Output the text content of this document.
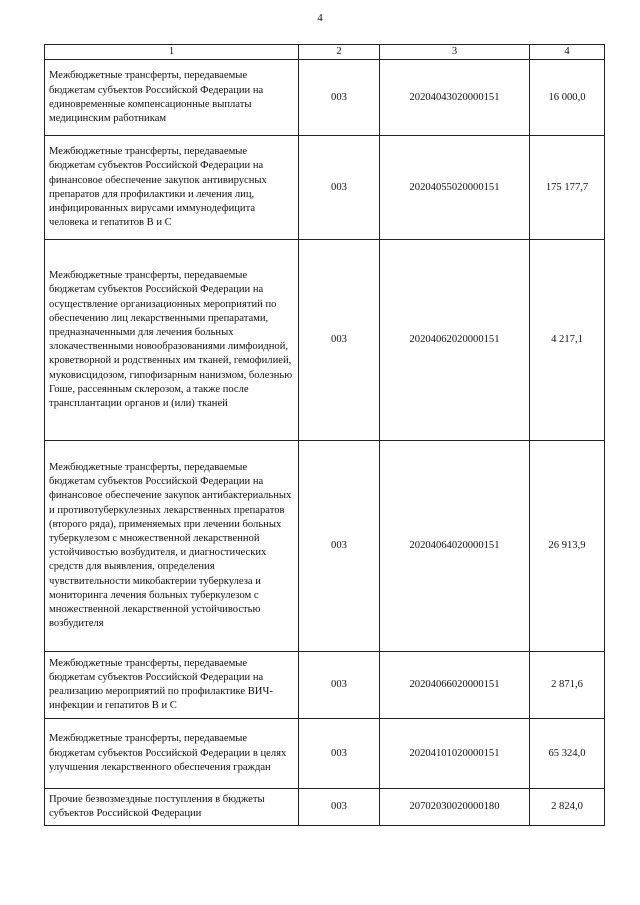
4
1	2	3	4
Межбюджетные трансферты, передаваемые бюджетам субъектов Российской Федерации на единовременные компенсационные выплаты медицинским работникам	003	20204043020000151	16 000,0
Межбюджетные трансферты, передаваемые бюджетам субъектов Российской Федерации на финансовое обеспечение закупок антивирусных препаратов для профилактики и лечения лиц, инфицированных вирусами иммунодефицита человека и гепатитов В и С	003	20204055020000151	175 177,7
Межбюджетные трансферты, передаваемые бюджетам субъектов Российской Федерации на осуществление организационных мероприятий по обеспечению лиц лекарственными препаратами, предназначенными для лечения больных злокачественными новообразованиями лимфоидной, кроветворной и родственных им тканей, гемофилией, муковисцидозом, гипофизарным нанизмом, болезнью Гоше, рассеянным склерозом, а также после трансплантации органов и (или) тканей	003	20204062020000151	4 217,1
Межбюджетные трансферты, передаваемые бюджетам субъектов Российской Федерации на финансовое обеспечение закупок антибактериальных и противотуберкулезных лекарственных препаратов (второго ряда), применяемых при лечении больных туберкулезом с множественной лекарственной устойчивостью возбудителя, и диагностических средств для выявления, определения чувствительности микобактерии туберкулеза и мониторинга лечения больных туберкулезом с множественной лекарственной устойчивостью возбудителя	003	20204064020000151	26 913,9
Межбюджетные трансферты, передаваемые бюджетам субъектов Российской Федерации на реализацию мероприятий по профилактике ВИЧ-инфекции и гепатитов В и С	003	20204066020000151	2 871,6
Межбюджетные трансферты, передаваемые бюджетам субъектов Российской Федерации в целях улучшения лекарственного обеспечения граждан	003	20204101020000151	65 324,0
Прочие безвозмездные поступления в бюджеты субъектов Российской Федерации	003	20702030020000180	2 824,0
